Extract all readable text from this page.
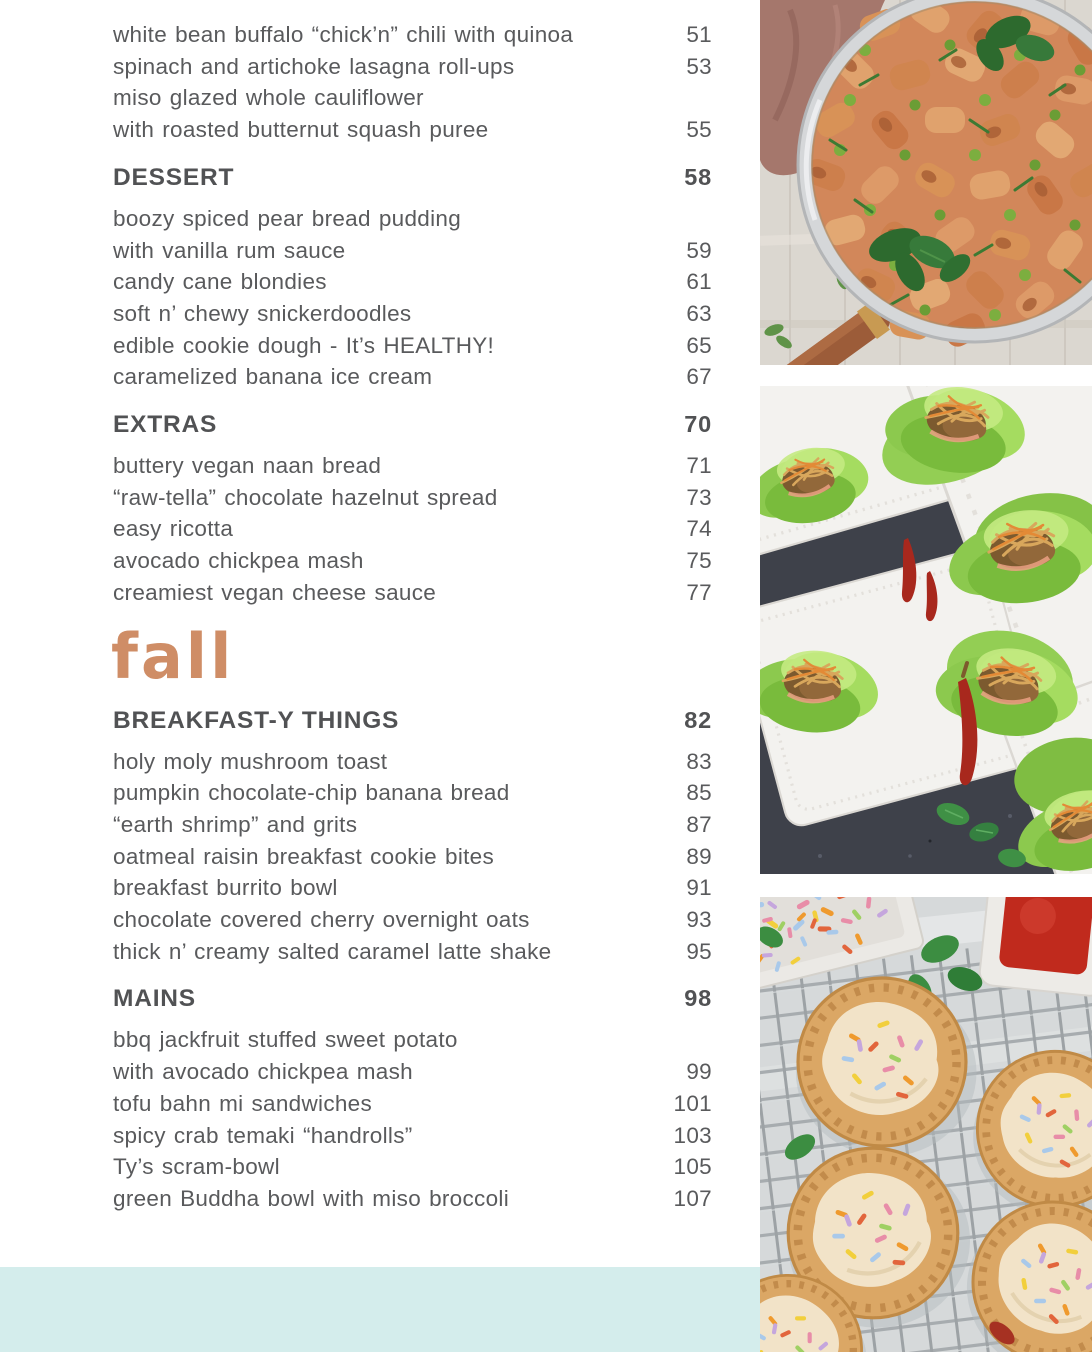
white bean buffalo “chick’n” chili with quinoa	51
spinach and artichoke lasagna roll-ups	53
miso glazed whole cauliflower
with roasted butternut squash puree	55
DESSERT	58
boozy spiced pear bread pudding
with vanilla rum sauce	59
candy cane blondies	61
soft n’ chewy snickerdoodles	63
edible cookie dough - It’s HEALTHY!	65
caramelized banana ice cream	67
EXTRAS	70
buttery vegan naan bread	71
“raw-tella” chocolate hazelnut spread	73
easy ricotta	74
avocado chickpea mash	75
creamiest vegan cheese sauce	77
fall
BREAKFAST-Y THINGS	82
holy moly mushroom toast	83
pumpkin chocolate-chip banana bread	85
“earth shrimp” and grits	87
oatmeal raisin breakfast cookie bites	89
breakfast burrito bowl	91
chocolate covered cherry overnight oats	93
thick n’ creamy salted caramel latte shake	95
MAINS	98
bbq jackfruit stuffed sweet potato
with avocado chickpea mash	99
tofu bahn mi sandwiches	101
spicy crab temaki “handrolls”	103
Ty’s scram-bowl	105
green Buddha bowl with miso broccoli	107
